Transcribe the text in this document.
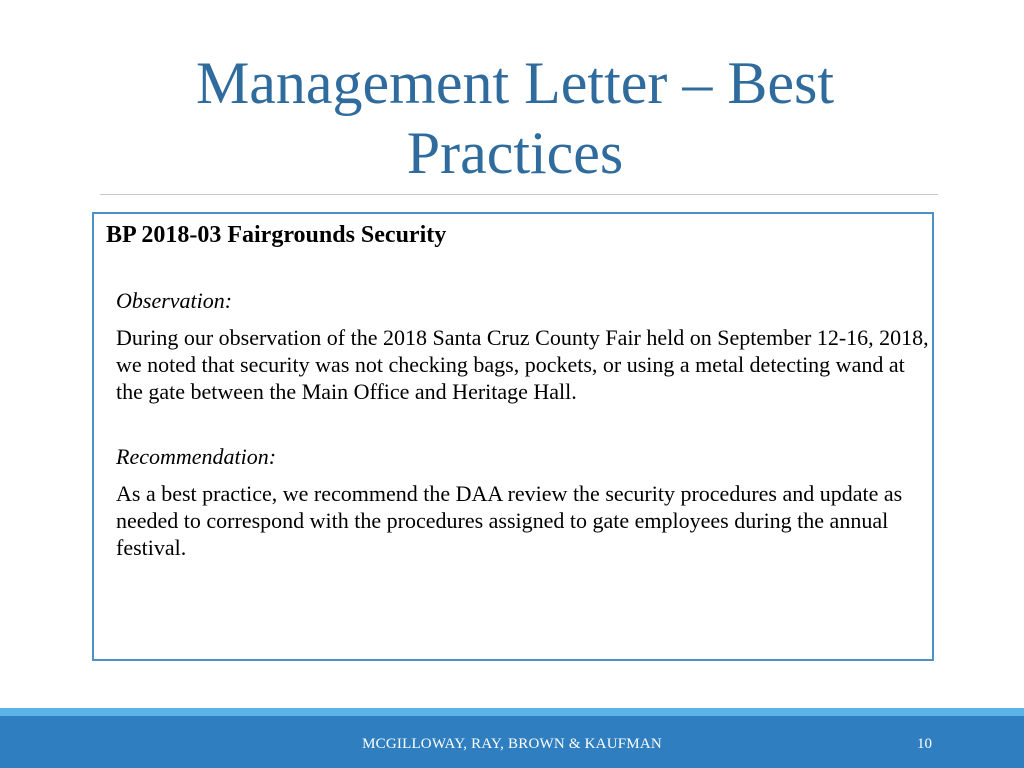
Management Letter – Best Practices
BP 2018-03 Fairgrounds Security
Observation:

During our observation of the 2018 Santa Cruz County Fair held on September 12-16, 2018, we noted that security was not checking bags, pockets, or using a metal detecting wand at the gate between the Main Office and Heritage Hall.

Recommendation:

As a best practice, we recommend the DAA review the security procedures and update as needed to correspond with the procedures assigned to gate employees during the annual festival.

MCGILLOWAY, RAY, BROWN & KAUFMAN	10
